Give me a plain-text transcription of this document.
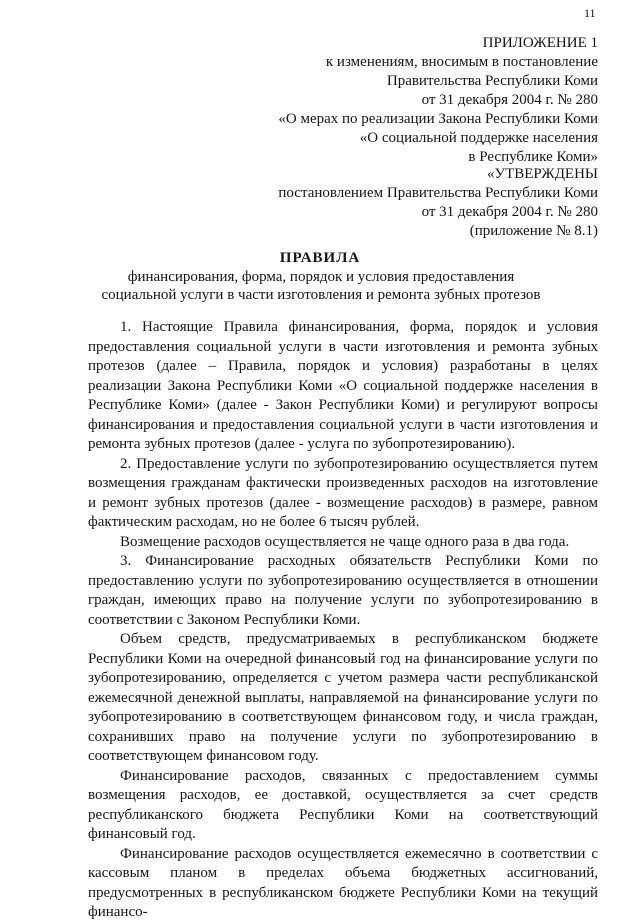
11
ПРИЛОЖЕНИЕ 1
к изменениям, вносимым в постановление
Правительства Республики Коми
от 31 декабря 2004 г. № 280
«О мерах по реализации Закона Республики Коми
«О социальной поддержке населения
в Республике Коми»
«УТВЕРЖДЕНЫ
постановлением Правительства Республики Коми
от 31 декабря 2004 г. № 280
(приложение № 8.1)
ПРАВИЛА
финансирования, форма, порядок и условия предоставления социальной услуги в части изготовления и ремонта зубных протезов

1. Настоящие Правила финансирования, форма, порядок и условия предоставления социальной услуги в части изготовления и ремонта зубных протезов (далее – Правила, порядок и условия) разработаны в целях реализации Закона Республики Коми «О социальной поддержке населения в Республике Коми» (далее - Закон Республики Коми) и регулируют вопросы финансирования и предоставления социальной услуги в части изготовления и ремонта зубных протезов (далее - услуга по зубопротезированию).

2. Предоставление услуги по зубопротезированию осуществляется путем возмещения гражданам фактически произведенных расходов на изготовление и ремонт зубных протезов (далее - возмещение расходов) в размере, равном фактическим расходам, но не более 6 тысяч рублей.

Возмещение расходов осуществляется не чаще одного раза в два года.

3. Финансирование расходных обязательств Республики Коми по предоставлению услуги по зубопротезированию осуществляется в отношении граждан, имеющих право на получение услуги по зубопротезированию в соответствии с Законом Республики Коми.

Объем средств, предусматриваемых в республиканском бюджете Республики Коми на очередной финансовый год на финансирование услуги по зубопротезированию, определяется с учетом размера части республиканской ежемесячной денежной выплаты, направляемой на финансирование услуги по зубопротезированию в соответствующем финансовом году, и числа граждан, сохранивших право на получение услуги по зубопротезированию в соответствующем финансовом году.

Финансирование расходов, связанных с предоставлением суммы возмещения расходов, ее доставкой, осуществляется за счет средств республиканского бюджета Республики Коми на соответствующий финансовый год.

Финансирование расходов осуществляется ежемесячно в соответствии с кассовым планом в пределах объема бюджетных ассигнований, предусмотренных в республиканском бюджете Республики Коми на текущий финансо-
